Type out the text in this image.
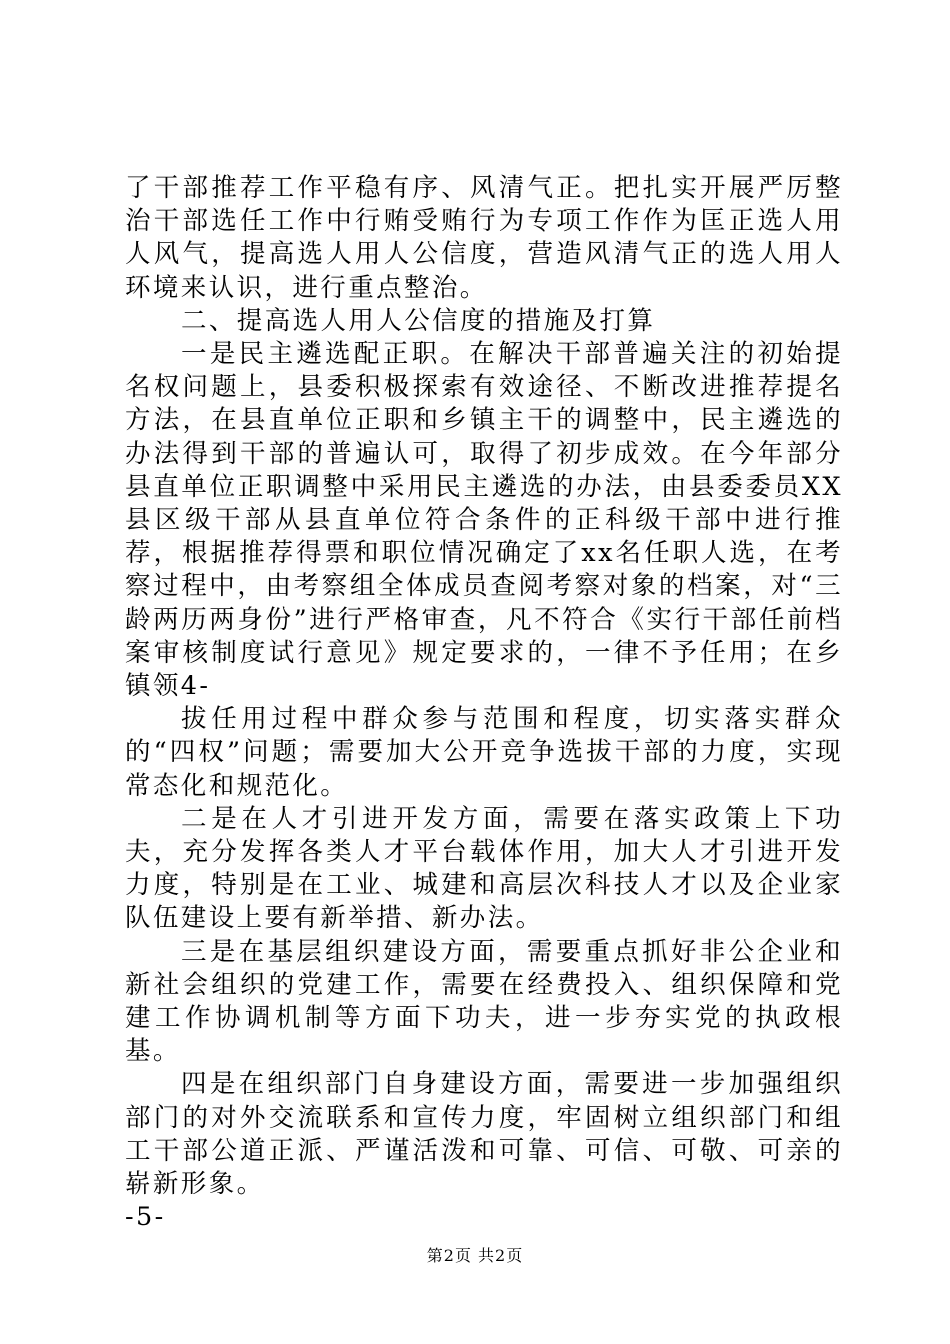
了干部推荐工作平稳有序、风清气正。把扎实开展严厉整治干部选任工作中行贿受贿行为专项工作作为匡正选人用人风气，提高选人用人公信度，营造风清气正的选人用人环境来认识，进行重点整治。

二、提高选人用人公信度的措施及打算

一是民主遴选配正职。在解决干部普遍关注的初始提名权问题上，县委积极探索有效途径、不断改进推荐提名方法，在县直单位正职和乡镇主干的调整中，民主遴选的办法得到干部的普遍认可，取得了初步成效。在今年部分县直单位正职调整中采用民主遴选的办法，由县委委员XX县区级干部从县直单位符合条件的正科级干部中进行推荐，根据推荐得票和职位情况确定了xx名任职人选，在考察过程中，由考察组全体成员查阅考察对象的档案，对“三龄两历两身份”进行严格审查，凡不符合《实行干部任前档案审核制度试行意见》规定要求的，一律不予任用；在乡镇领4-

拔任用过程中群众参与范围和程度，切实落实群众的“四权”问题；需要加大公开竞争选拔干部的力度，实现常态化和规范化。

二是在人才引进开发方面，需要在落实政策上下功夫，充分发挥各类人才平台载体作用，加大人才引进开发力度，特别是在工业、城建和高层次科技人才以及企业家队伍建设上要有新举措、新办法。

三是在基层组织建设方面，需要重点抓好非公企业和新社会组织的党建工作，需要在经费投入、组织保障和党建工作协调机制等方面下功夫，进一步夯实党的执政根基。

四是在组织部门自身建设方面，需要进一步加强组织部门的对外交流联系和宣传力度，牢固树立组织部门和组工干部公道正派、严谨活泼和可靠、可信、可敬、可亲的崭新形象。

-5-

第2页 共2页
